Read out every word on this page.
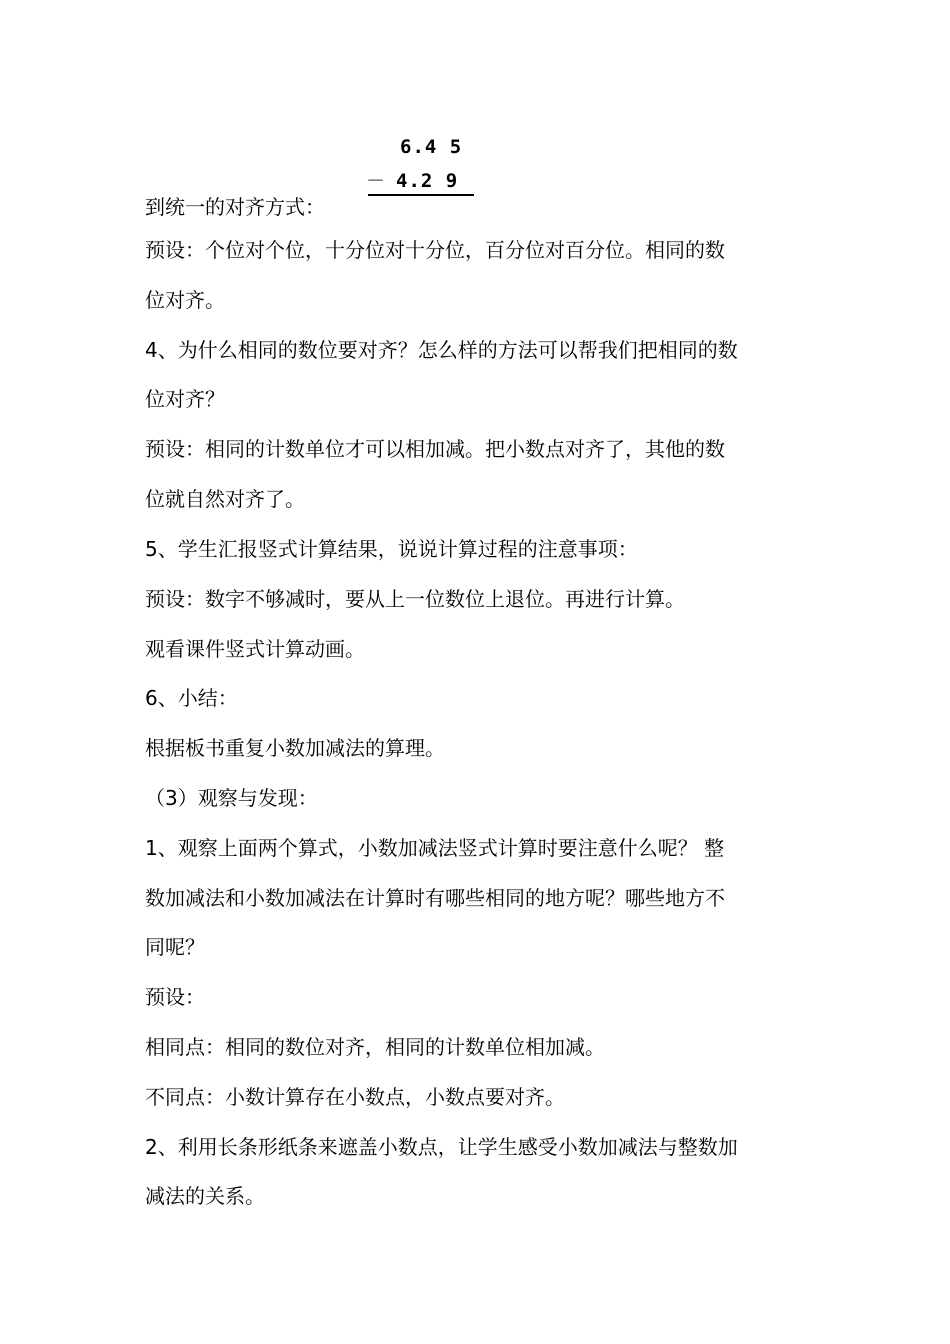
6.4 5
－ 4.2 9
到统一的对齐方式：
预设：个位对个位，十分位对十分位，百分位对百分位。相同的数
位对齐。
4、为什么相同的数位要对齐？怎么样的方法可以帮我们把相同的数
位对齐？
预设：相同的计数单位才可以相加减。把小数点对齐了，其他的数
位就自然对齐了。
5、学生汇报竖式计算结果，说说计算过程的注意事项：
预设：数字不够减时，要从上一位数位上退位。再进行计算。
观看课件竖式计算动画。
6、小结：
根据板书重复小数加减法的算理。
（3）观察与发现：
1、观察上面两个算式，小数加减法竖式计算时要注意什么呢？ 整
数加减法和小数加减法在计算时有哪些相同的地方呢？哪些地方不
同呢？
预设：
相同点：相同的数位对齐，相同的计数单位相加减。
不同点：小数计算存在小数点，小数点要对齐。
2、利用长条形纸条来遮盖小数点，让学生感受小数加减法与整数加
减法的关系。
